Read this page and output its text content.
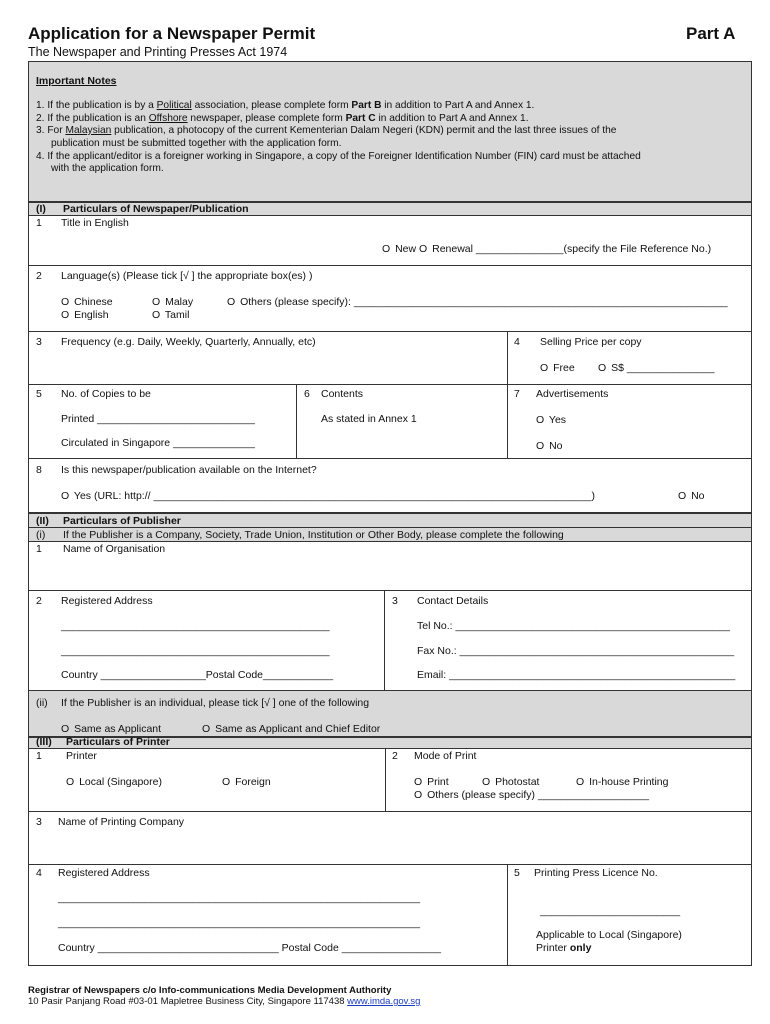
Application for a Newspaper Permit	Part A
The Newspaper and Printing Presses Act 1974
Important Notes
1. If the publication is by a Political association, please complete form Part B in addition to Part A and Annex 1.
2. If the publication is an Offshore newspaper, please complete form Part C in addition to Part A and Annex 1.
3. For Malaysian publication, a photocopy of the current Kementerian Dalam Negeri (KDN) permit and the last three issues of the
publication must be submitted together with the application form.
4. If the applicant/editor is a foreigner working in Singapore, a copy of the Foreigner Identification Number (FIN) card must be attached
with the application form.
(I) Particulars of Newspaper/Publication
1 Title in English
O New O Renewal _______________(specify the File Reference No.)
2 Language(s) (Please tick [√ ] the appropriate box(es) )
O Chinese	O Malay	O Others (please specify): ________________________________________________________________
O English	O Tamil
3 Frequency (e.g. Daily, Weekly, Quarterly, Annually, etc)	4 Selling Price per copy
O Free O S$ _______________
5 No. of Copies to be
Printed ___________________________
Circulated in Singapore ______________
6 Contents
As stated in Annex 1
7 Advertisements
O Yes
O No
8 Is this newspaper/publication available on the Internet?
O Yes (URL: http:// ___________________________________________________________________________)	O No
(II) Particulars of Publisher
(i) If the Publisher is a Company, Society, Trade Union, Institution or Other Body, please complete the following
1 Name of Organisation
2 Registered Address
______________________________________________
______________________________________________
Country __________________Postal Code____________
3 Contact Details
Tel No.: _______________________________________________
Fax No.: _______________________________________________
Email: _________________________________________________
(ii) If the Publisher is an individual, please tick [√ ] one of the following
O Same as Applicant	O Same as Applicant and Chief Editor
(III) Particulars of Printer
1 Printer
O Local (Singapore)	O Foreign
2 Mode of Print
O Print	O Photostat	O In-house Printing
O Others (please specify) ___________________
3 Name of Printing Company
4 Registered Address
______________________________________________________________
______________________________________________________________
Country _______________________________ Postal Code _________________
5 Printing Press Licence No.
________________________
Applicable to Local (Singapore)
Printer only
Registrar of Newspapers c/o Info-communications Media Development Authority
10 Pasir Panjang Road #03-01 Mapletree Business City, Singapore 117438 www.imda.gov.sg
